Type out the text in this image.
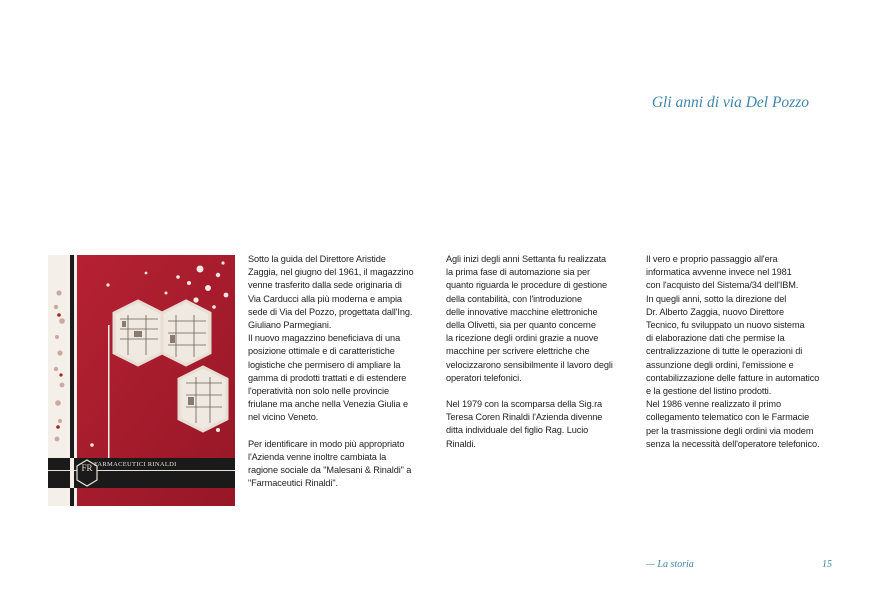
Gli anni di via Del Pozzo
FR FARMACEUTICI RINALDI

Sotto la guida del Direttore Aristide
Zaggia, nel giugno del 1961, il magazzino
venne trasferito dalla sede originaria di
Via Carducci alla più moderna e ampia
sede di Via del Pozzo, progettata dall'Ing.
Giuliano Parmegiani.
Il nuovo magazzino beneficiava di una
posizione ottimale e di caratteristiche
logistiche che permisero di ampliare la
gamma di prodotti trattati e di estendere
l'operatività non solo nelle provincie
friulane ma anche nella Venezia Giulia e
nel vicino Veneto.

Per identificare in modo più appropriato
l'Azienda venne inoltre cambiata la
ragione sociale da "Malesani & Rinaldi" a
"Farmaceutici Rinaldi".

Agli inizi degli anni Settanta fu realizzata
la prima fase di automazione sia per
quanto riguarda le procedure di gestione
della contabilità, con l'introduzione
delle innovative macchine elettroniche
della Olivetti, sia per quanto concerne
la ricezione degli ordini grazie a nuove
macchine per scrivere elettriche che
velocizzarono sensibilmente il lavoro degli
operatori telefonici.

Nel 1979 con la scomparsa della Sig.ra
Teresa Coren Rinaldi l'Azienda divenne
ditta individuale del figlio Rag. Lucio
Rinaldi.

Il vero e proprio passaggio all'era
informatica avvenne invece nel 1981
con l'acquisto del Sistema/34 dell'IBM.
In quegli anni, sotto la direzione del
Dr. Alberto Zaggia, nuovo Direttore
Tecnico, fu sviluppato un nuovo sistema
di elaborazione dati che permise la
centralizzazione di tutte le operazioni di
assunzione degli ordini, l'emissione e
contabilizzazione delle fatture in automatico
e la gestione del listino prodotti.
Nel 1986 venne realizzato il primo
collegamento telematico con le Farmacie
per la trasmissione degli ordini via modem
senza la necessità dell'operatore telefonico.

— La storia	15
